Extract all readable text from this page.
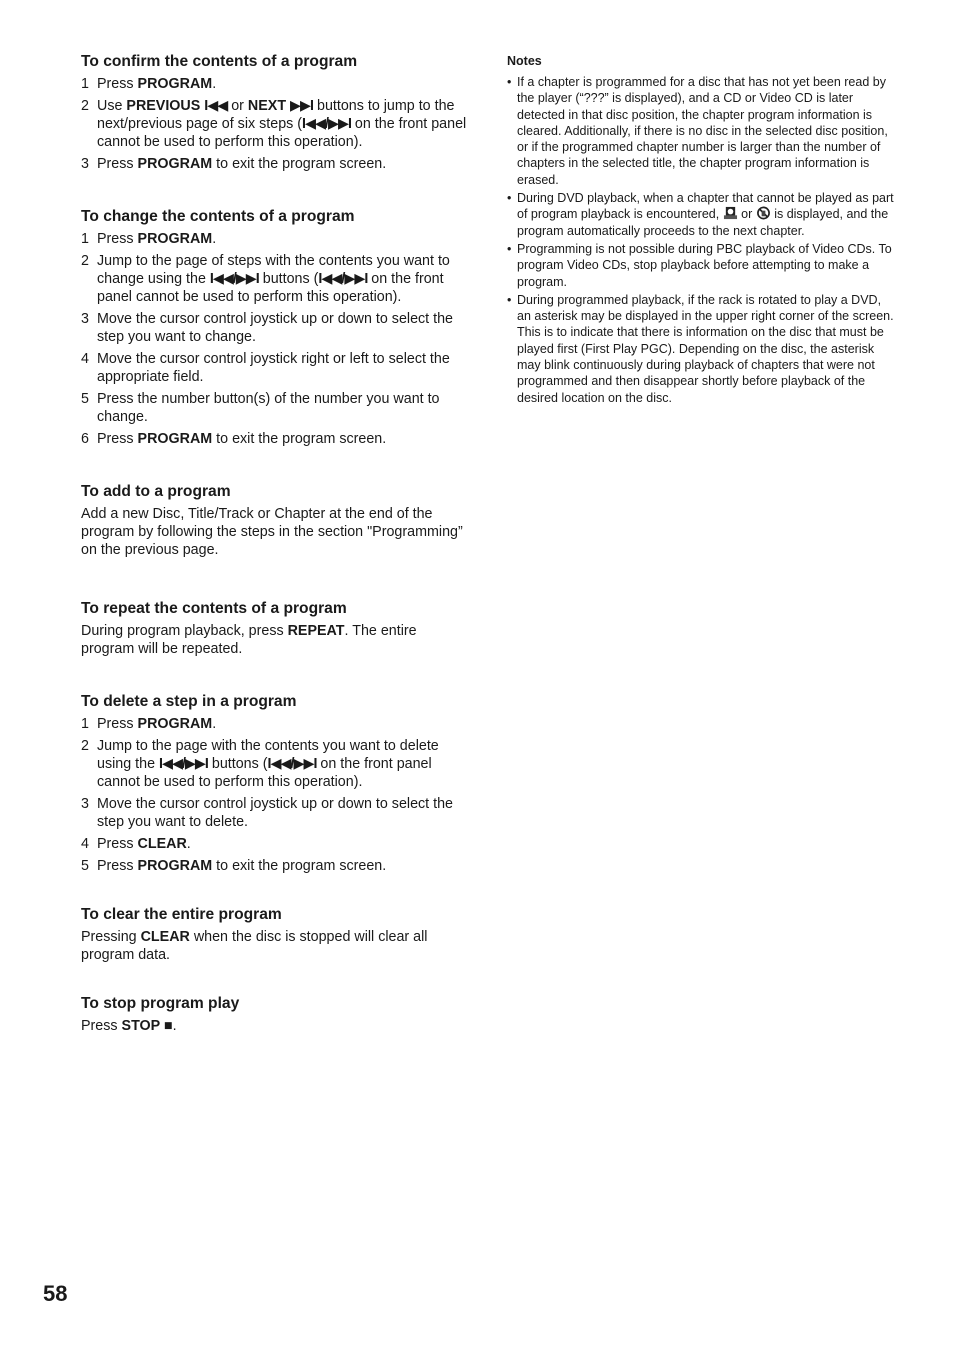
To confirm the contents of a program
1 Press PROGRAM.
2 Use PREVIOUS I◀◀ or NEXT ▶▶I buttons to jump to the next/previous page of six steps (I◀◀/▶▶I on the front panel cannot be used to perform this operation).
3 Press PROGRAM to exit the program screen.
To change the contents of a program
1 Press PROGRAM.
2 Jump to the page of steps with the contents you want to change using the I◀◀/▶▶I buttons (I◀◀/▶▶I on the front panel cannot be used to perform this operation).
3 Move the cursor control joystick up or down to select the step you want to change.
4 Move the cursor control joystick right or left to select the appropriate field.
5 Press the number button(s) of the number you want to change.
6 Press PROGRAM to exit the program screen.
To add to a program

Add a new Disc, Title/Track or Chapter at the end of the program by following the steps in the section "Programming” on the previous page.

To repeat the contents of a program

During program playback, press REPEAT. The entire program will be repeated.

To delete a step in a program
1 Press PROGRAM.
2 Jump to the page with the contents you want to delete using the I◀◀/▶▶I buttons (I◀◀/▶▶I on the front panel cannot be used to perform this operation).
3 Move the cursor control joystick up or down to select the step you want to delete.
4 Press CLEAR.
5 Press PROGRAM to exit the program screen.
To clear the entire program

Pressing CLEAR when the disc is stopped will clear all program data.

To stop program play

Press STOP ■.

Notes
• If a chapter is programmed for a disc that has not yet been read by the player (“???” is displayed), and a CD or Video CD is later detected in that disc position, the chapter program information is cleared. Additionally, if there is no disc in the selected disc position, or if the programmed chapter number is larger than the number of chapters in the selected title, the chapter program information is erased.
• During DVD playback, when a chapter that cannot be played as part of program playback is encountered,  or  is displayed, and the program automatically proceeds to the next chapter.
• Programming is not possible during PBC playback of Video CDs. To program Video CDs, stop playback before attempting to make a program.
• During programmed playback, if the rack is rotated to play a DVD, an asterisk may be displayed in the upper right corner of the screen. This is to indicate that there is information on the disc that must be played first (First Play PGC). Depending on the disc, the asterisk may blink continuously during playback of chapters that were not programmed and then disappear shortly before playback of the desired location on the disc.
58
